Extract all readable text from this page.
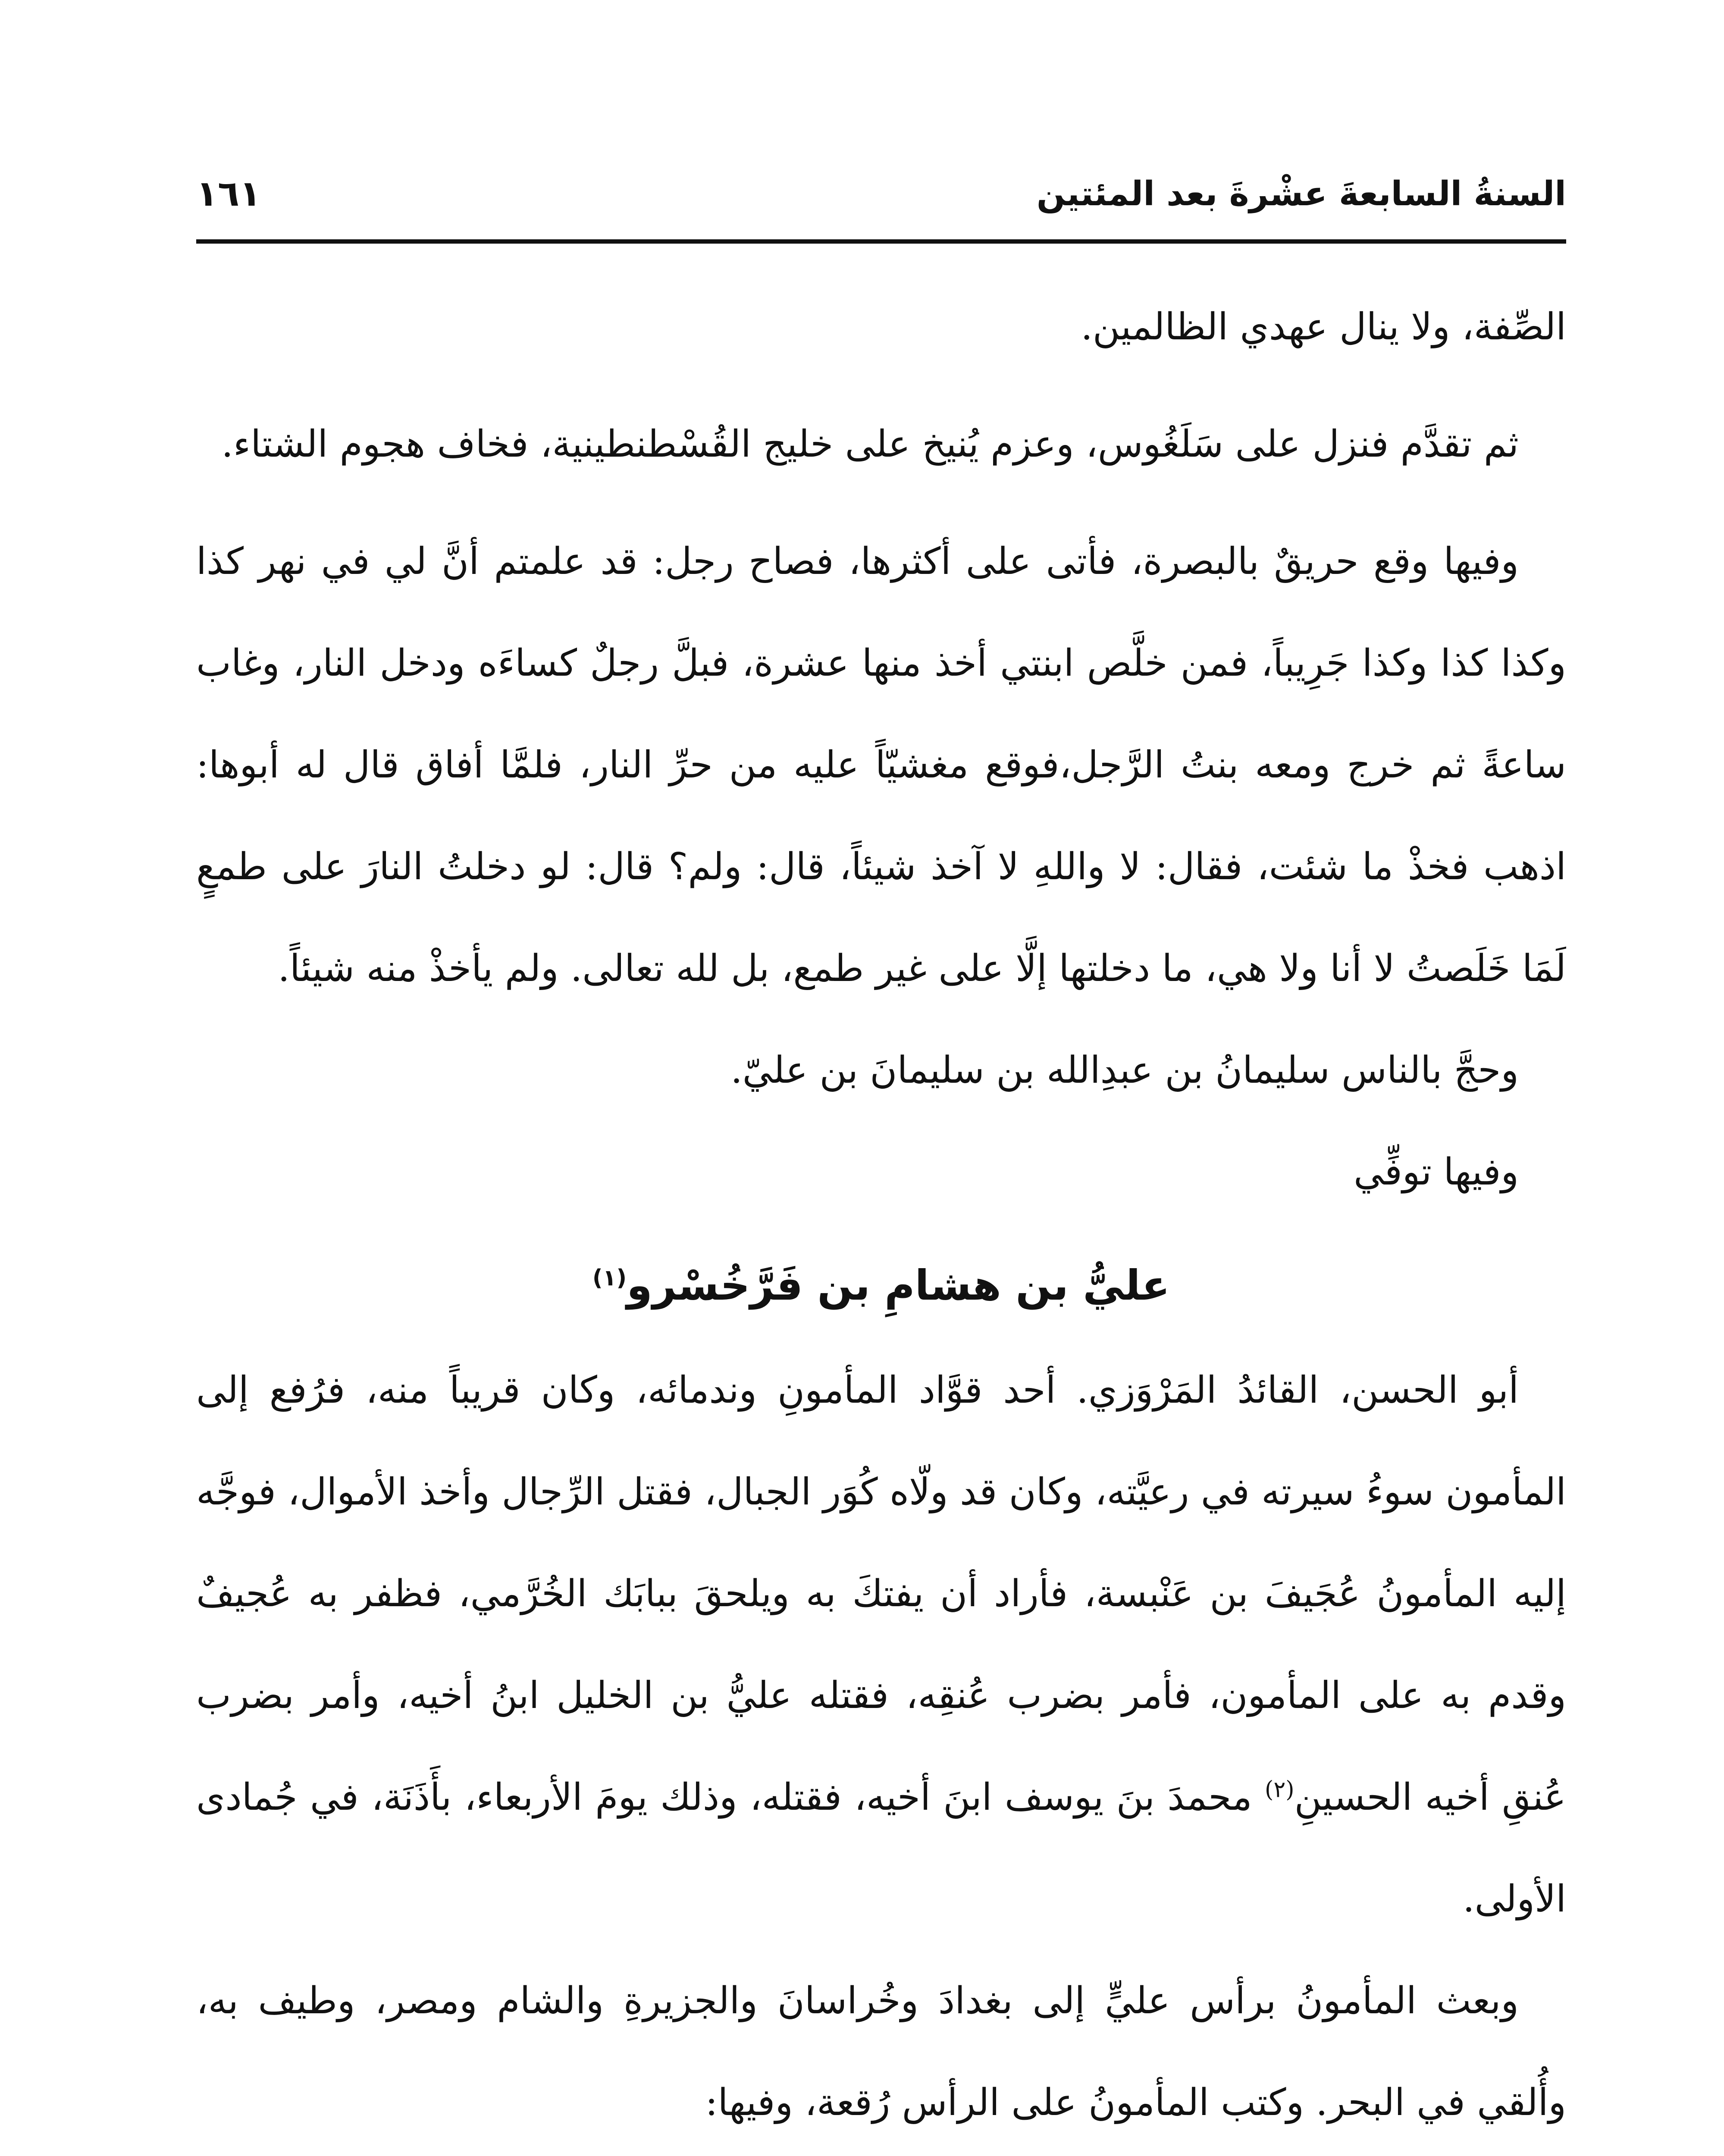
السنةُ السابعةَ عشْرةَ بعد المئتين
١٦١

الصِّفة، ولا ينال عهدي الظالمين.

ثم تقدَّم فنزل على سَلَغُوس، وعزم يُنيخ على خليج القُسْطنطينية، فخاف هجوم الشتاء.

وفيها وقع حريقٌ بالبصرة، فأتى على أكثرها، فصاح رجل: قد علمتم أنَّ لي في نهر كذا وكذا كذا وكذا جَرِيباً، فمن خلَّص ابنتي أخذ منها عشرة، فبلَّ رجلٌ كساءَه ودخل النار، وغاب ساعةً ثم خرج ومعه بنتُ الرَّجل،فوقع مغشيّاً عليه من حرِّ النار، فلمَّا أفاق قال له أبوها: اذهب فخذْ ما شئت، فقال: لا واللهِ لا آخذ شيئاً، قال: ولم؟ قال: لو دخلتُ النارَ على طمعٍ لَمَا خَلَصتُ لا أنا ولا هي، ما دخلتها إلَّا على غير طمع، بل لله تعالى. ولم يأخذْ منه شيئاً.

وحجَّ بالناس سليمانُ بن عبدِالله بن سليمانَ بن عليّ.

وفيها توفِّي

عليُّ بن هشامِ بن فَرَّخُسْرو$^{(١)}$

أبو الحسن، القائدُ المَرْوَزي. أحد قوَّاد المأمونِ وندمائه، وكان قريباً منه، فرُفع إلى المأمون سوءُ سيرته في رعيَّته، وكان قد ولّاه كُوَر الجبال، فقتل الرِّجال وأخذ الأموال، فوجَّه إليه المأمونُ عُجَيفَ بن عَنْبسة، فأراد أن يفتكَ به ويلحقَ ببابَك الخُرَّمي، فظفر به عُجيفٌ وقدم به على المأمون، فأمر بضرب عُنقِه، فقتله عليُّ بن الخليل ابنُ أخيه، وأمر بضرب عُنقِ أخيه الحسينِ$^{(٢)}$ محمدَ بنَ يوسف ابنَ أخيه، فقتله، وذلك يومَ الأربعاء، بأَذَنَة، في جُمادى الأولى.

وبعث المأمونُ برأس عليٍّ إلى بغدادَ وخُراسانَ والجزيرةِ والشام ومصر، وطيف به، وأُلقي في البحر. وكتب المأمونُ على الرأس رُقعة، وفيها:
